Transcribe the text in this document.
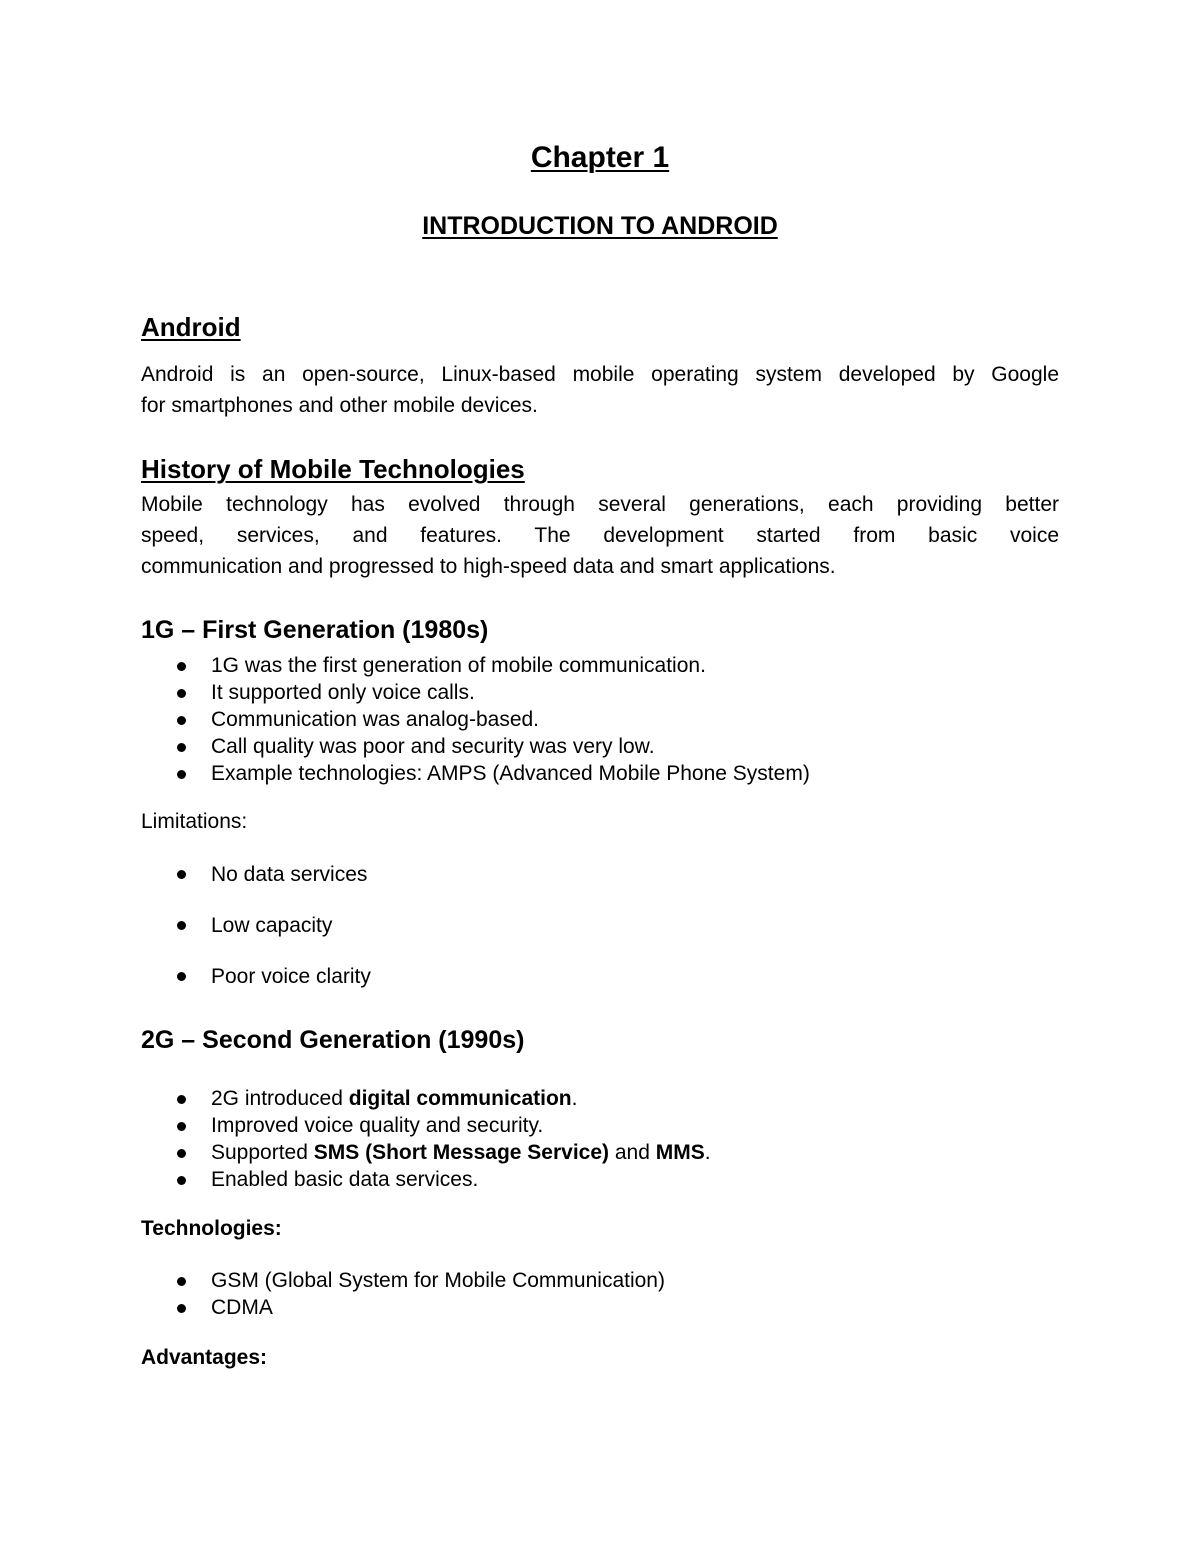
Chapter 1
INTRODUCTION TO ANDROID
Android
Android is an open-source, Linux-based mobile operating system developed by Google
for smartphones and other mobile devices.
History of Mobile Technologies
Mobile technology has evolved through several generations, each providing better
speed, services, and features. The development started from basic voice
communication and progressed to high-speed data and smart applications.
1G – First Generation (1980s)
1G was the first generation of mobile communication.
It supported only voice calls.
Communication was analog-based.
Call quality was poor and security was very low.
Example technologies: AMPS (Advanced Mobile Phone System)
Limitations:
No data services
Low capacity
Poor voice clarity
2G – Second Generation (1990s)
2G introduced digital communication.
Improved voice quality and security.
Supported SMS (Short Message Service) and MMS.
Enabled basic data services.
Technologies:
GSM (Global System for Mobile Communication)
CDMA
Advantages:
